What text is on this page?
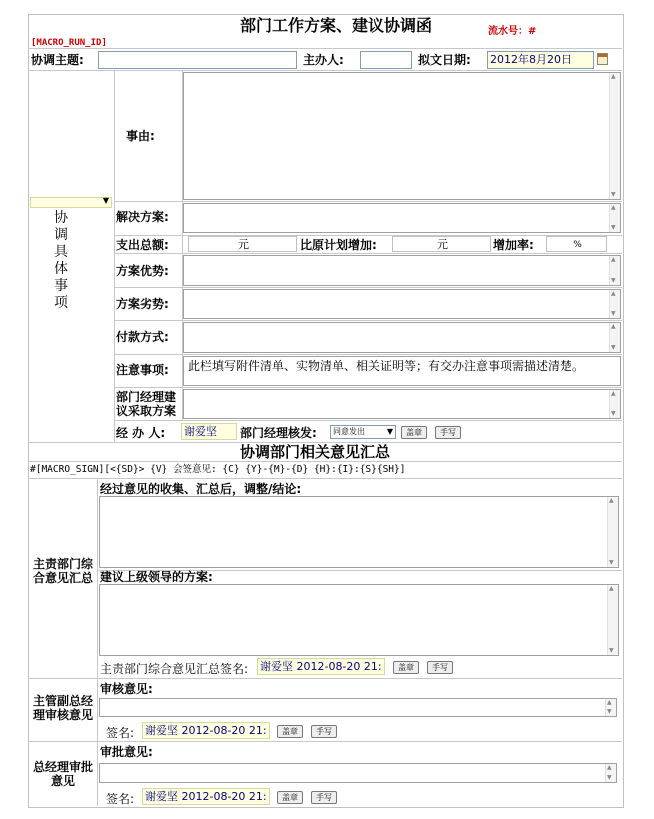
部门工作方案、建议协调函	流水号：#
[MACRO_RUN_ID]
协调主题:	主办人:	拟文日期: 2012年8月20日
▼
协
调
具
体
事
项
事由:
▲ ▼
解决方案:
▲ ▼
支出总额:	元	比原计划增加:	元	增加率:	%
方案优势:
▲ ▼
方案劣势:
▲ ▼
付款方式:
▲ ▼
注意事项:	此栏填写附件清单、实物清单、相关证明等；有交办注意事项需描述清楚。
部门经理建议采取方案
▲ ▼
经 办 人: 谢爱坚	部门经理核发:	同意发出	▼	盖章	手写
协调部门相关意见汇总
#[MACRO_SIGN][<{SD}> {V} 会签意见: {C} {Y}-{M}-{D} {H}:{I}:{S}{SH}]
主责部门综合意见汇总
经过意见的收集、汇总后，调整/结论:
▲ ▼
建议上级领导的方案:
▲ ▼
主责部门综合意见汇总签名: 谢爱坚 2012-08-20 21:	盖章	手写
主管副总经理审核意见
审核意见:
▲ ▼
签名: 谢爱坚 2012-08-20 21:	盖章	手写
总经理审批意见
审批意见:
▲ ▼
签名: 谢爱坚 2012-08-20 21:	盖章	手写
